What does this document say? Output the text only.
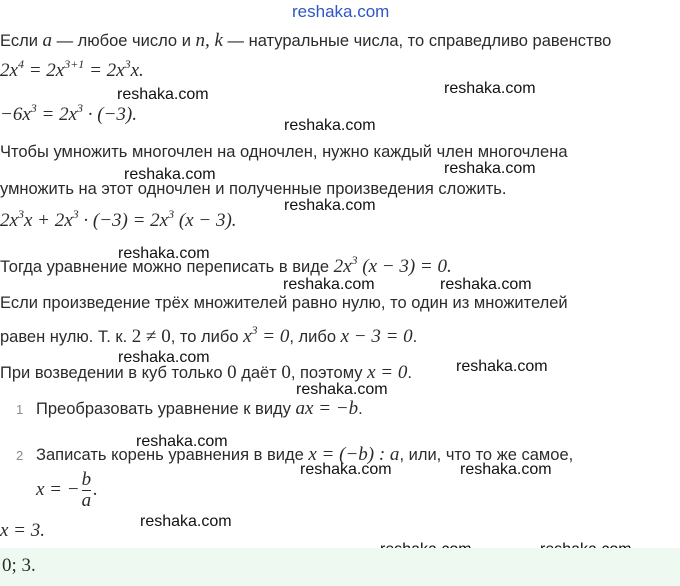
reshaka.com
reshaka.com	reshaka.com
reshaka.com
reshaka.com	reshaka.com
reshaka.com
reshaka.com
reshaka.com	reshaka.com
reshaka.com
reshaka.com
reshaka.com
reshaka.com
reshaka.com	reshaka.com
reshaka.com
Если a — любое число и n, k — натуральные числа, то справедливо равенство
$2x^4 = 2x^{3+1} = 2x^3x$.
$-6x^3 = 2x^3 \cdot (-3)$.
Чтобы умножить многочлен на одночлен, нужно каждый член многочлена
умножить на этот одночлен и полученные произведения сложить.
$2x^3x + 2x^3 \cdot (-3) = 2x^3$ (x − 3).
Тогда уравнение можно переписать в виде $2x^3$ (x − 3) = 0.
Если произведение трёх множителей равно нулю, то один из множителей
равен нулю. Т. к. 2 ≠ 0, то либо $x^3 = 0$, либо x − 3 = 0.
При возведении в куб только 0 даёт 0, поэтому x = 0.
1 Преобразовать уравнение к виду ax = −b.
2 Записать корень уравнения в виде x = (−b) : a, или, что то же самое,
x = − $\frac{b}{a}$ .
x = 3.
0; 3.
